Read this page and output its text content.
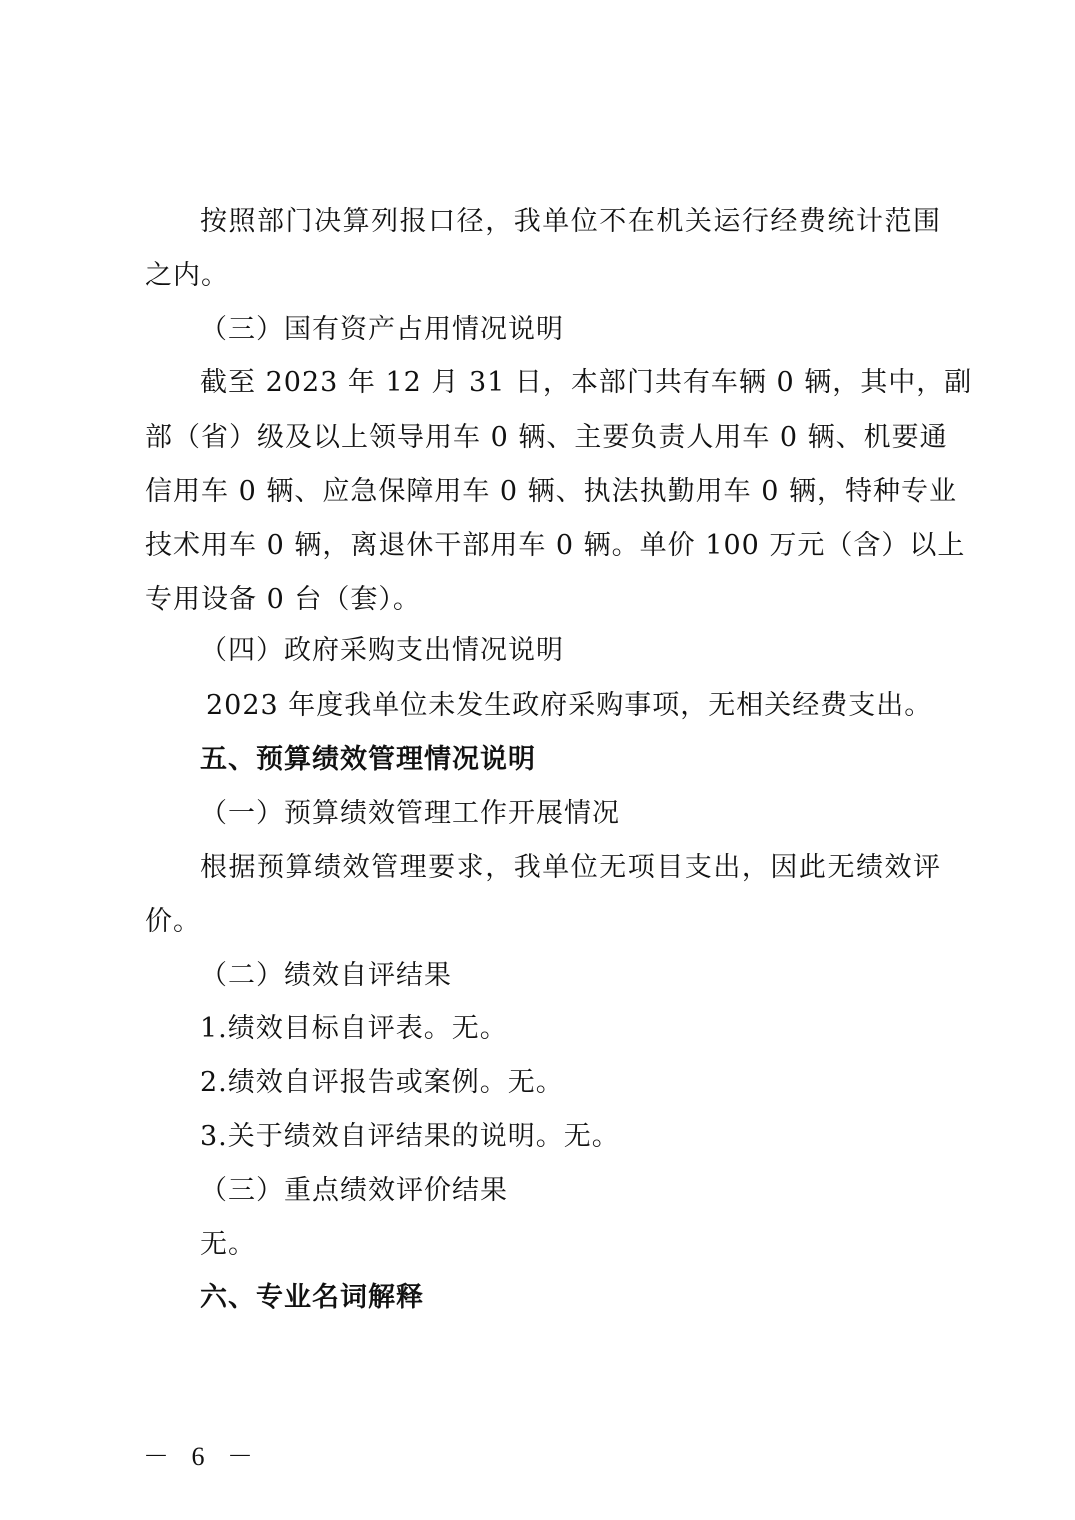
按照部门决算列报口径，我单位不在机关运行经费统计范围
之内。
（三）国有资产占用情况说明
截至 2023 年 12 月 31 日，本部门共有车辆 0 辆，其中，副
部（省）级及以上领导用车 0 辆、主要负责人用车 0 辆、机要通
信用车 0 辆、应急保障用车 0 辆、执法执勤用车 0 辆，特种专业
技术用车 0 辆，离退休干部用车 0 辆。单价 100 万元（含）以上
专用设备 0 台（套）。
（四）政府采购支出情况说明
2023 年度我单位未发生政府采购事项，无相关经费支出。
五、预算绩效管理情况说明
（一）预算绩效管理工作开展情况
根据预算绩效管理要求，我单位无项目支出，因此无绩效评
价。
（二）绩效自评结果
1.绩效目标自评表。无。
2.绩效自评报告或案例。无。
3.关于绩效自评结果的说明。无。
（三）重点绩效评价结果
无。
六、专业名词解释
－ 6 －
